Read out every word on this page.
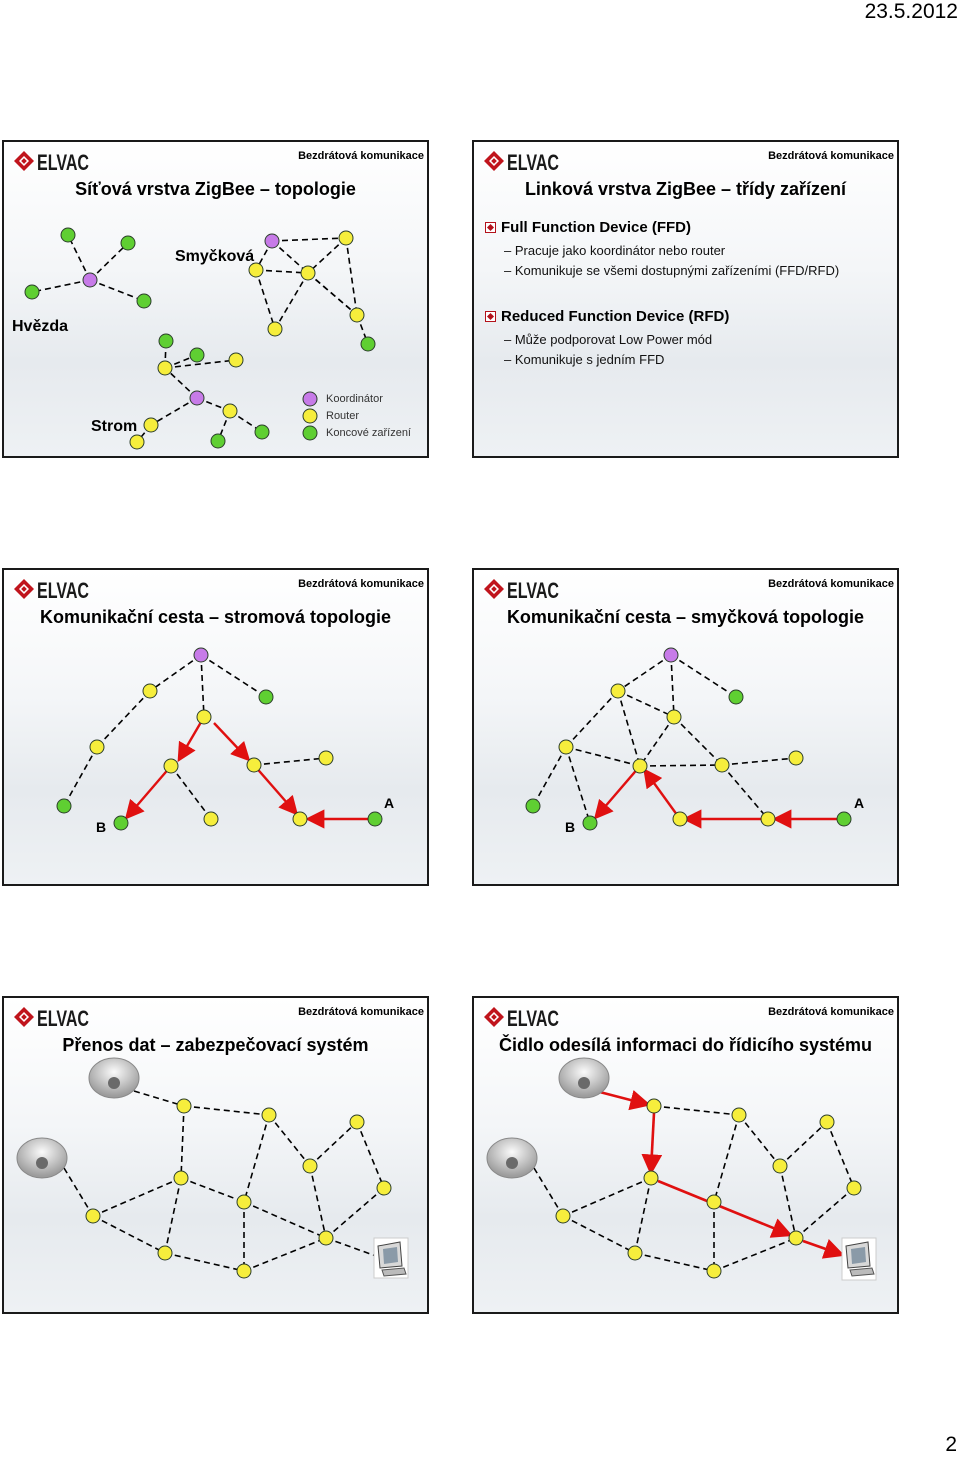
23.5.2012
Bezdrátová komunikace
Síťová vrstva ZigBee – topologie
Smyčková
Hvězda
Strom
Koordinátor
Router
Koncové zařízení
Bezdrátová komunikace
Linková vrstva ZigBee – třídy zařízení
Full Function Device (FFD)
– Pracuje jako koordinátor nebo router
– Komunikuje se všemi dostupnými zařízeními (FFD/RFD)
Reduced Function Device (RFD)
– Může podporovat Low Power mód
– Komunikuje s jedním FFD
Bezdrátová komunikace
Komunikační cesta – stromová topologie
A
B
Bezdrátová komunikace
Komunikační cesta – smyčková topologie
A
B
Bezdrátová komunikace
Přenos dat – zabezpečovací systém
Bezdrátová komunikace
Čidlo odesílá informaci do řídicího systému
2
